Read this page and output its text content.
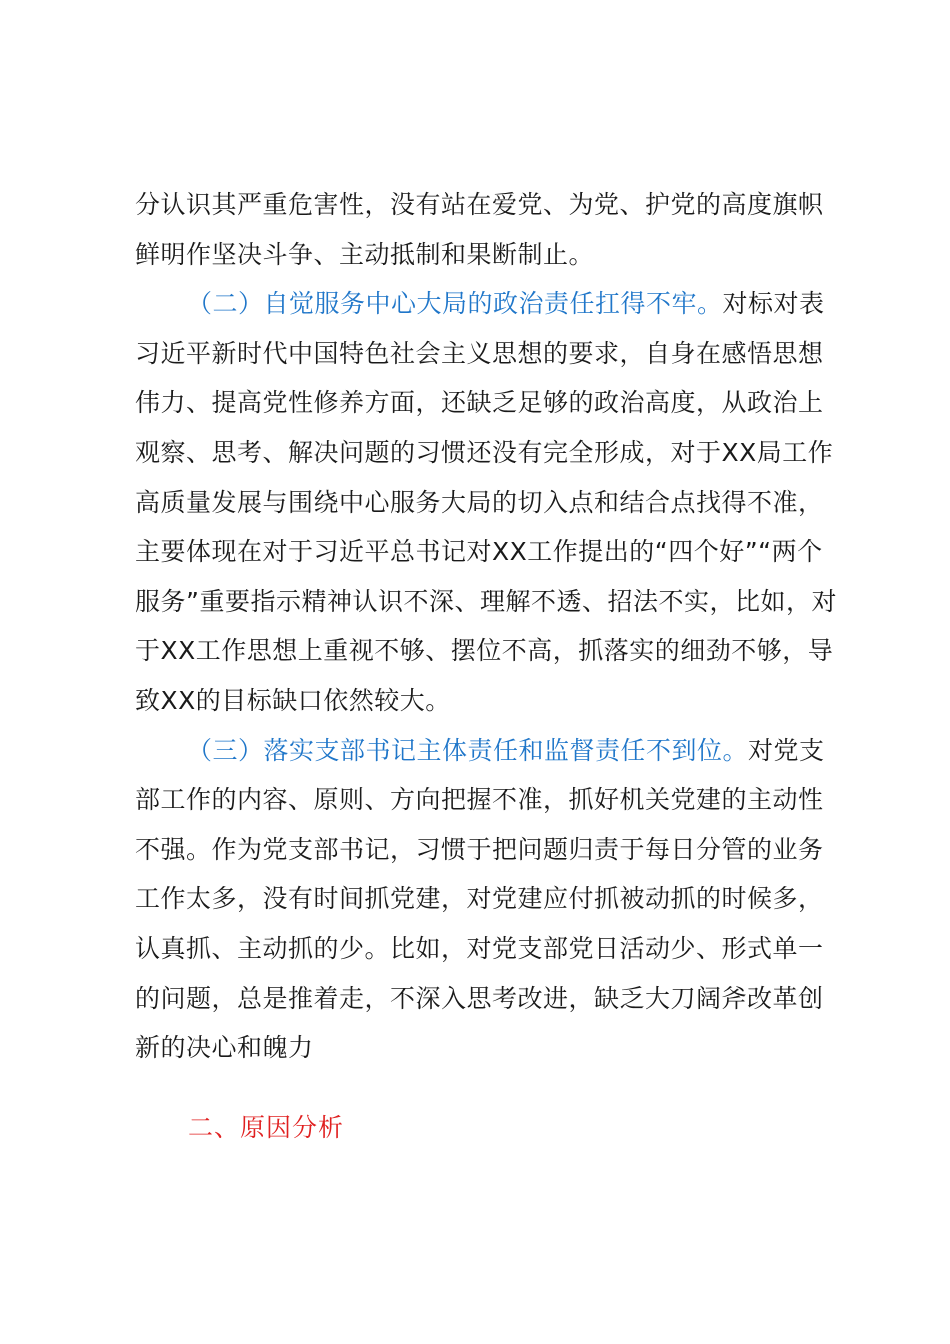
分认识其严重危害性，没有站在爱党、为党、护党的高度旗帜鲜明作坚决斗争、主动抵制和果断制止。

（二）自觉服务中心大局的政治责任扛得不牢。对标对表习近平新时代中国特色社会主义思想的要求，自身在感悟思想伟力、提高党性修养方面，还缺乏足够的政治高度，从政治上观察、思考、解决问题的习惯还没有完全形成，对于XX局工作高质量发展与围绕中心服务大局的切入点和结合点找得不准，主要体现在对于习近平总书记对XX工作提出的“四个好”“两个服务”重要指示精神认识不深、理解不透、招法不实，比如，对于XX工作思想上重视不够、摆位不高，抓落实的细劲不够，导致XX的目标缺口依然较大。

（三）落实支部书记主体责任和监督责任不到位。对党支部工作的内容、原则、方向把握不准，抓好机关党建的主动性不强。作为党支部书记，习惯于把问题归责于每日分管的业务工作太多，没有时间抓党建，对党建应付抓被动抓的时候多，认真抓、主动抓的少。比如，对党支部党日活动少、形式单一的问题，总是推着走，不深入思考改进，缺乏大刀阔斧改革创新的决心和魄力

二、原因分析
